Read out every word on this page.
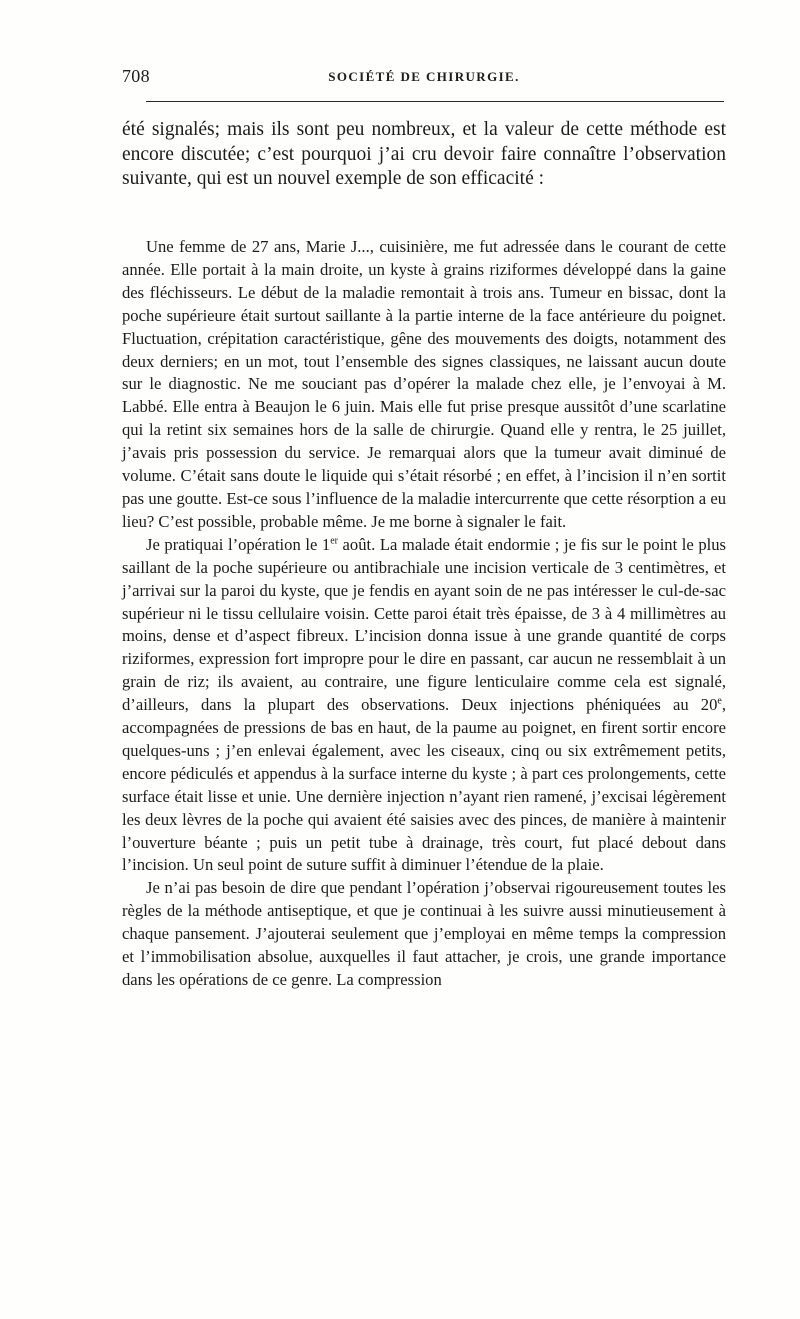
708	SOCIÉTÉ DE CHIRURGIE.

été signalés; mais ils sont peu nombreux, et la valeur de cette méthode est encore discutée; c’est pourquoi j’ai cru devoir faire connaître l’observation suivante, qui est un nouvel exemple de son efficacité :

Une femme de 27 ans, Marie J..., cuisinière, me fut adressée dans le courant de cette année. Elle portait à la main droite, un kyste à grains riziformes développé dans la gaine des fléchisseurs. Le début de la maladie remontait à trois ans. Tumeur en bissac, dont la poche supérieure était surtout saillante à la partie interne de la face antérieure du poignet. Fluctuation, crépitation caractéristique, gêne des mouvements des doigts, notamment des deux derniers; en un mot, tout l’ensemble des signes classiques, ne laissant aucun doute sur le diagnostic. Ne me souciant pas d’opérer la malade chez elle, je l’envoyai à M. Labbé. Elle entra à Beaujon le 6 juin. Mais elle fut prise presque aussitôt d’une scarlatine qui la retint six semaines hors de la salle de chirurgie. Quand elle y rentra, le 25 juillet, j’avais pris possession du service. Je remarquai alors que la tumeur avait diminué de volume. C’était sans doute le liquide qui s’était résorbé ; en effet, à l’incision il n’en sortit pas une goutte. Est-ce sous l’influence de la maladie intercurrente que cette résorption a eu lieu? C’est possible, probable même. Je me borne à signaler le fait.

Je pratiquai l’opération le 1er août. La malade était endormie ; je fis sur le point le plus saillant de la poche supérieure ou antibrachiale une incision verticale de 3 centimètres, et j’arrivai sur la paroi du kyste, que je fendis en ayant soin de ne pas intéresser le cul-de-sac supérieur ni le tissu cellulaire voisin. Cette paroi était très épaisse, de 3 à 4 millimètres au moins, dense et d’aspect fibreux. L’incision donna issue à une grande quantité de corps riziformes, expression fort impropre pour le dire en passant, car aucun ne ressemblait à un grain de riz; ils avaient, au contraire, une figure lenticulaire comme cela est signalé, d’ailleurs, dans la plupart des observations. Deux injections phéniquées au 20e, accompagnées de pressions de bas en haut, de la paume au poignet, en firent sortir encore quelques-uns ; j’en enlevai également, avec les ciseaux, cinq ou six extrêmement petits, encore pédiculés et appendus à la surface interne du kyste ; à part ces prolongements, cette surface était lisse et unie. Une dernière injection n’ayant rien ramené, j’excisai légèrement les deux lèvres de la poche qui avaient été saisies avec des pinces, de manière à maintenir l’ouverture béante ; puis un petit tube à drainage, très court, fut placé debout dans l’incision. Un seul point de suture suffit à diminuer l’étendue de la plaie.

Je n’ai pas besoin de dire que pendant l’opération j’observai rigoureusement toutes les règles de la méthode antiseptique, et que je continuai à les suivre aussi minutieusement à chaque pansement. J’ajouterai seulement que j’employai en même temps la compression et l’immobilisation absolue, auxquelles il faut attacher, je crois, une grande importance dans les opérations de ce genre. La compression
